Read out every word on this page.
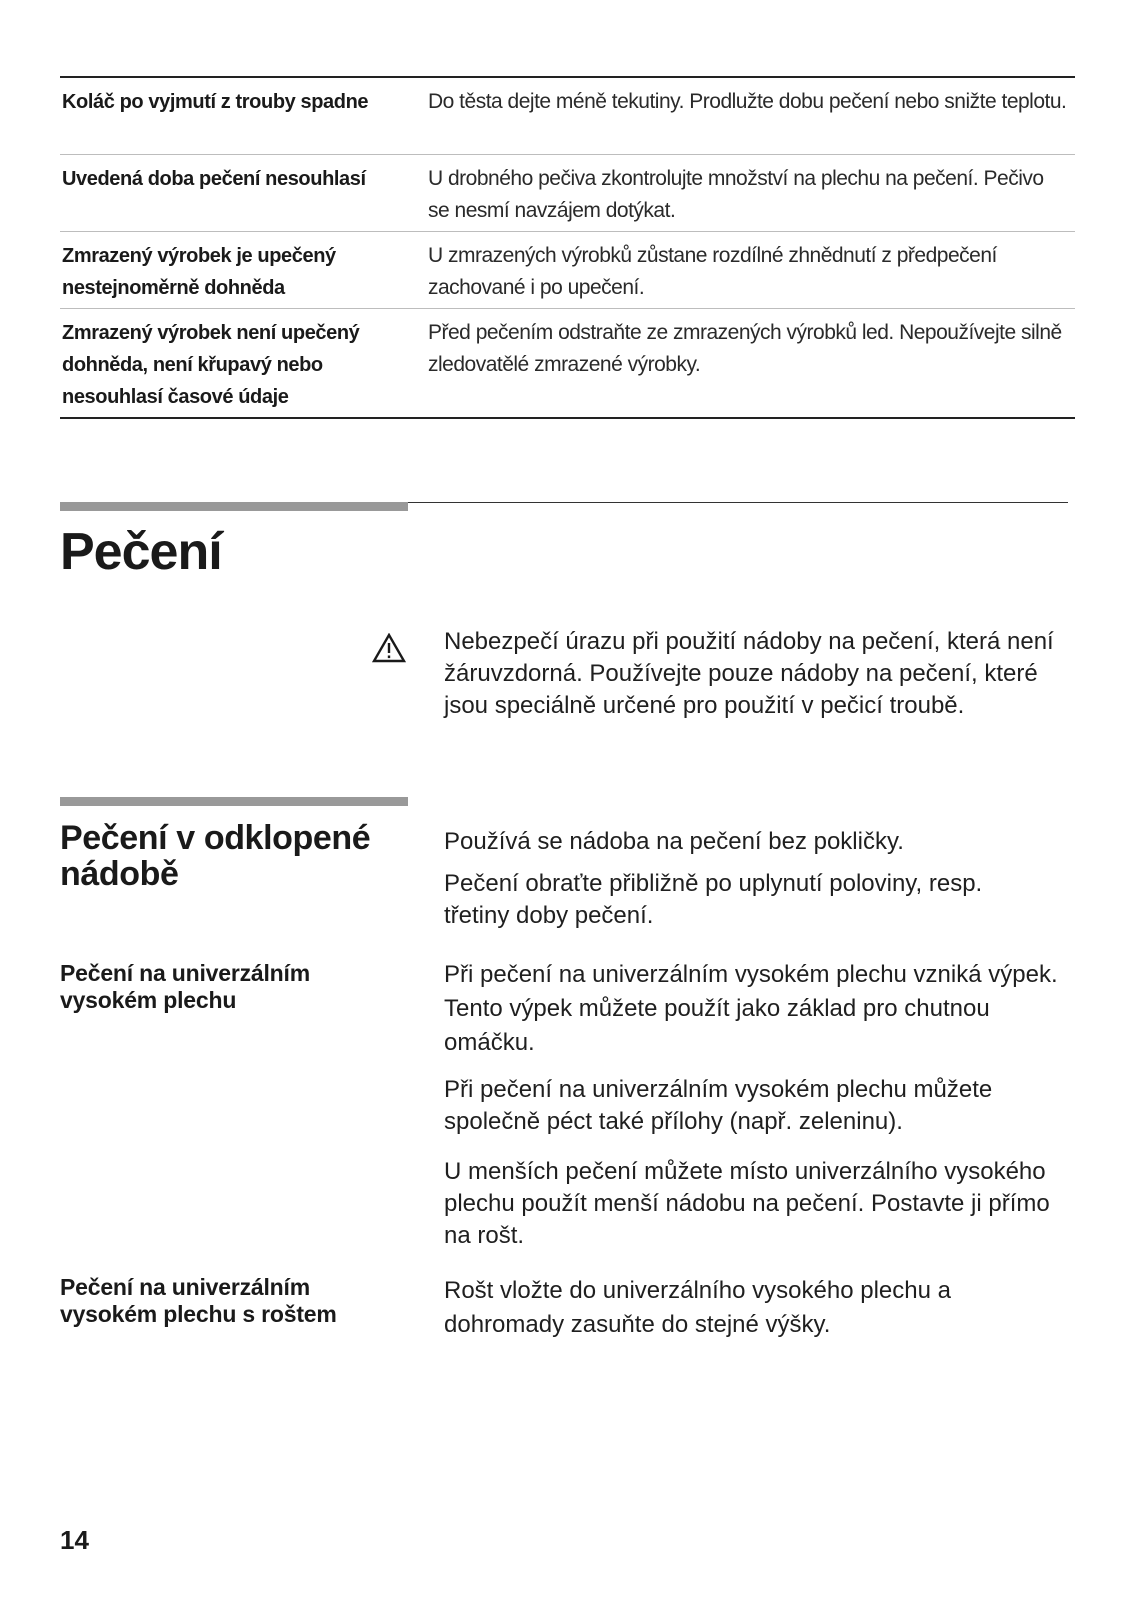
Koláč po vyjmutí z trouby spadne	Do těsta dejte méně tekutiny. Prodlužte dobu pečení nebo snižte teplotu.
Uvedená doba pečení nesouhlasí	U drobného pečiva zkontrolujte množství na plechu na pečení. Pečivo se nesmí navzájem dotýkat.
Zmrazený výrobek je upečený nestejnoměrně dohněda
U zmrazených výrobků zůstane rozdílné zhnědnutí z předpečení zachované i po upečení.
Zmrazený výrobek není upečený dohněda, není křupavý nebo nesouhlasí časové údaje
Před pečením odstraňte ze zmrazených výrobků led. Nepoužívejte silně zledovatělé zmrazené výrobky.
Pečení

Nebezpečí úrazu při použití nádoby na pečení, která není žáruvzdorná. Používejte pouze nádoby na pečení, které jsou speciálně určené pro použití v pečicí troubě.

Pečení v odklopené nádobě

Používá se nádoba na pečení bez pokličky.

Pečení obraťte přibližně po uplynutí poloviny, resp. třetiny doby pečení.

Pečení na univerzálním vysokém plechu

Při pečení na univerzálním vysokém plechu vzniká výpek. Tento výpek můžete použít jako základ pro chutnou omáčku.

Při pečení na univerzálním vysokém plechu můžete společně péct také přílohy (např. zeleninu).

U menších pečení můžete místo univerzálního vysokého plechu použít menší nádobu na pečení. Postavte ji přímo na rošt.

Pečení na univerzálním vysokém plechu s roštem

Rošt vložte do univerzálního vysokého plechu a dohromady zasuňte do stejné výšky.

14
